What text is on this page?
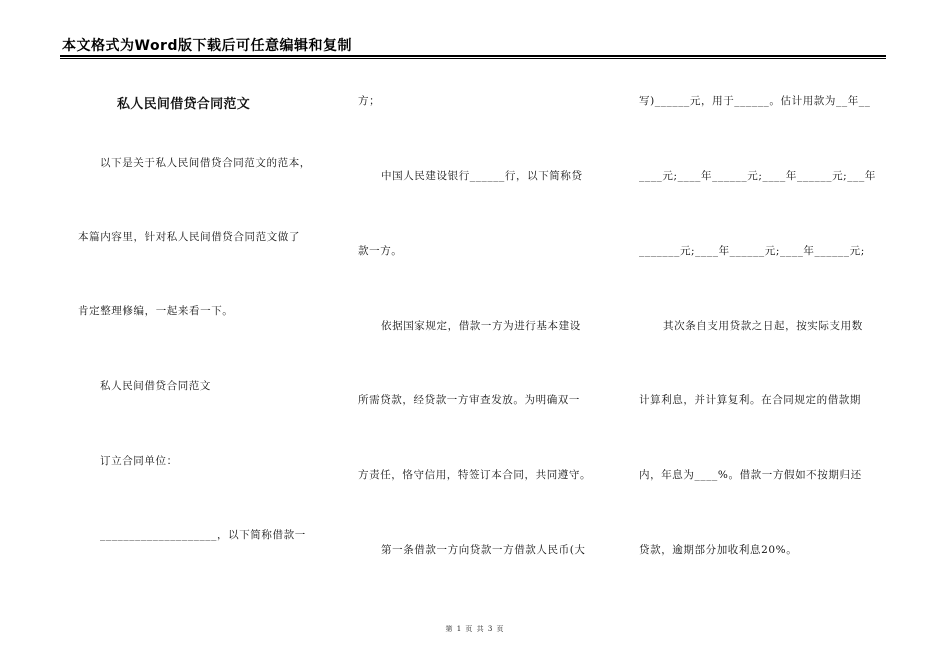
本文格式为Word版下载后可任意编辑和复制
私人民间借贷合同范文
以下是关于私人民间借贷合同范文的范本，
本篇内容里，针对私人民间借贷合同范文做了
肯定整理修编，一起来看一下。
私人民间借贷合同范文
订立合同单位：
____________________，以下简称借款一
方；
中国人民建设银行______行，以下简称贷
款一方。
依据国家规定，借款一方为进行基本建设
所需贷款，经贷款一方审查发放。为明确双一
方责任，恪守信用，特签订本合同，共同遵守。
第一条借款一方向贷款一方借款人民币(大
写)______元，用于______。估计用款为__年__
____元;____年______元;____年______元;___年
_______元;____年______元;____年______元;
其次条自支用贷款之日起，按实际支用数
计算利息，并计算复利。在合同规定的借款期
内，年息为____%。借款一方假如不按期归还
贷款，逾期部分加收利息20%。
第 1 页 共 3 页
